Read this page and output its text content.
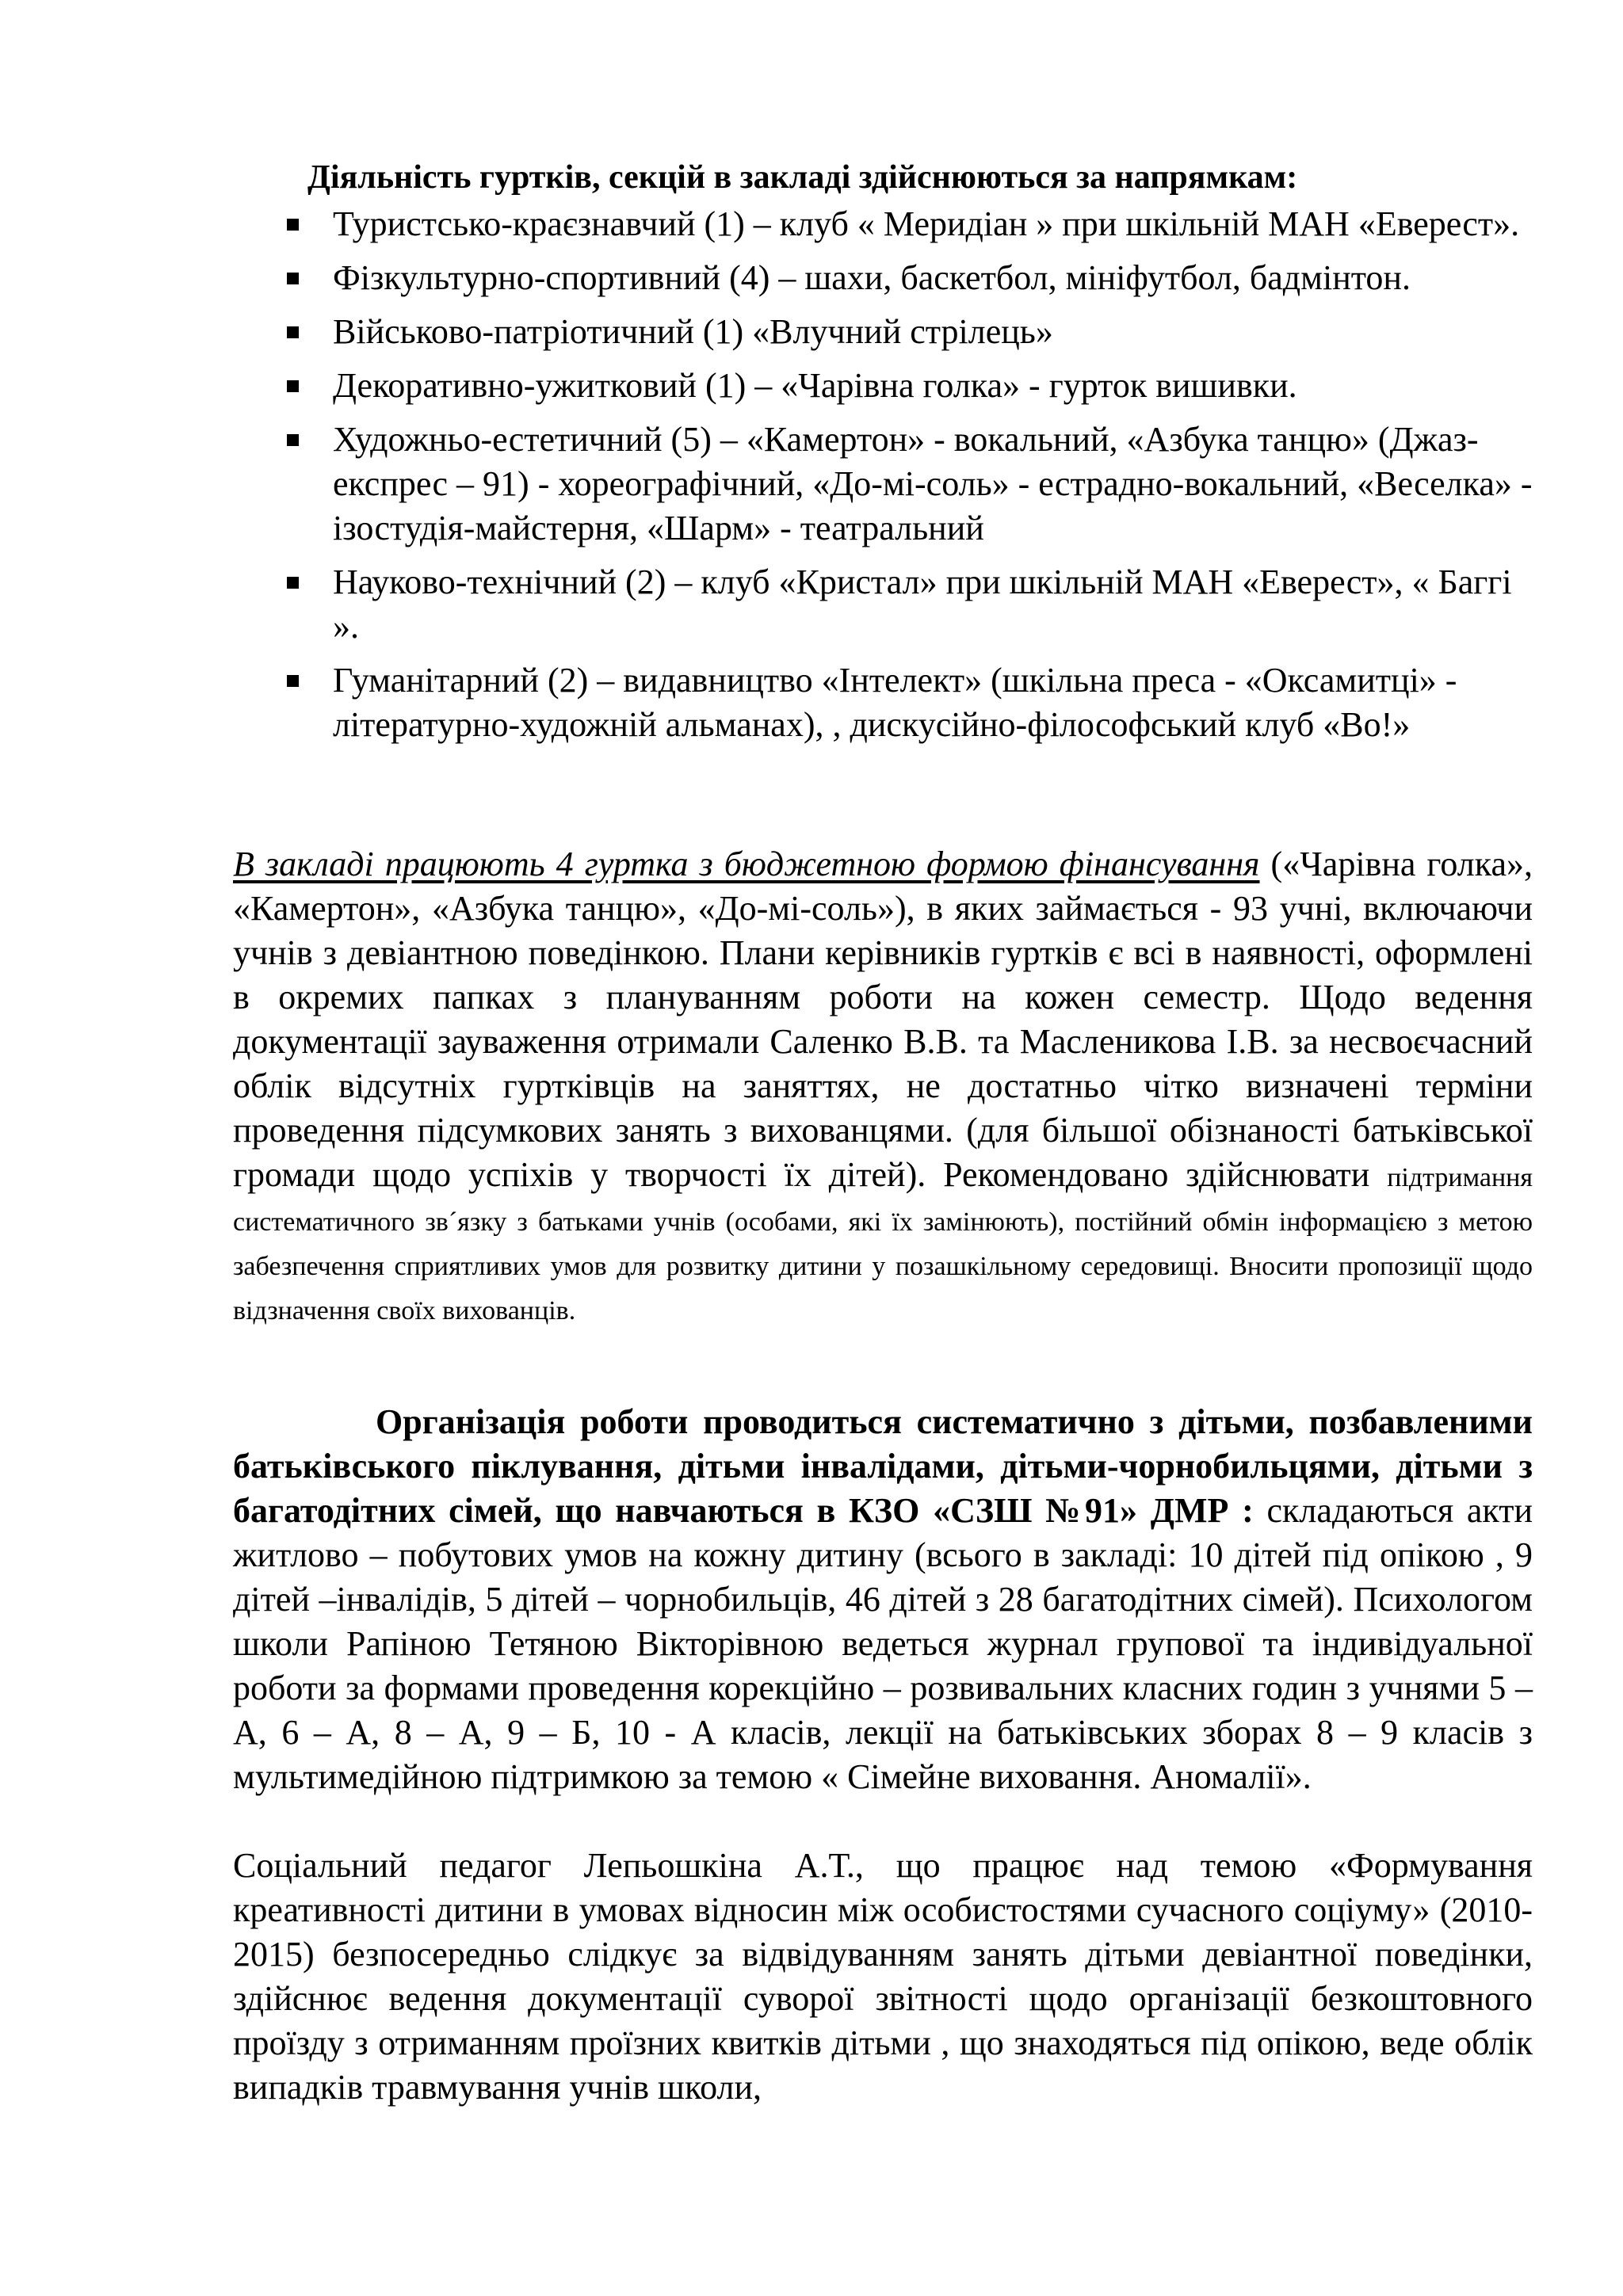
Діяльність гуртків, секцій в закладі здійснюються за напрямкам:
Туристсько-краєзнавчий (1) – клуб « Меридіан » при шкільній МАН «Еверест».
Фізкультурно-спортивний (4) – шахи, баскетбол, мініфутбол, бадмінтон.
Військово-патріотичний (1) «Влучний стрілець»
Декоративно-ужитковий (1) – «Чарівна голка» - гурток вишивки.
Художньо-естетичний (5) – «Камертон» - вокальний, «Азбука танцю» (Джаз-експрес – 91) - хореографічний, «До-мі-соль» - естрадно-вокальний, «Веселка» - ізостудія-майстерня, «Шарм» - театральний
Науково-технічний (2) – клуб «Кристал» при шкільній МАН «Еверест», « Баггі ».
Гуманітарний (2) – видавництво «Інтелект» (шкільна преса - «Оксамитці» - літературно-художній альманах), , дискусійно-філософський клуб «Во!»

В закладі працюють 4 гуртка з бюджетною формою фінансування («Чарівна голка», «Камертон», «Азбука танцю», «До-мі-соль»), в яких займається - 93 учні, включаючи учнів з девіантною поведінкою. Плани керівників гуртків є всі в наявності, оформлені в окремих папках з плануванням роботи на кожен семестр. Щодо ведення документації зауваження отримали Саленко В.В. та Масленикова І.В. за несвоєчасний облік відсутніх гуртківців на заняттях, не достатньо чітко визначені терміни проведення підсумкових занять з вихованцями. (для більшої обізнаності батьківської громади щодо успіхів у творчості їх дітей). Рекомендовано здійснювати підтримання систематичного зв´язку з батьками учнів (особами, які їх замінюють), постійний обмін інформацією з метою забезпечення сприятливих умов для розвитку дитини у позашкільному середовищі. Вносити пропозиції щодо відзначення своїх вихованців.

Організація роботи проводиться систематично з дітьми, позбавленими батьківського піклування, дітьми інвалідами, дітьми-чорнобильцями, дітьми з багатодітних сімей, що навчаються в КЗО «СЗШ №91» ДМР : складаються акти житлово – побутових умов на кожну дитину (всього в закладі: 10 дітей під опікою , 9 дітей –інвалідів, 5 дітей – чорнобильців, 46 дітей з 28 багатодітних сімей). Психологом школи Рапіною Тетяною Вікторівною ведеться журнал групової та індивідуальної роботи за формами проведення корекційно – розвивальних класних годин з учнями 5 – А, 6 – А, 8 – А, 9 – Б, 10 - А класів, лекції на батьківських зборах 8 – 9 класів з мультимедійною підтримкою за темою « Сімейне виховання. Аномалії».

Соціальний педагог Лепьошкіна А.Т., що працює над темою «Формування креативності дитини в умовах відносин між особистостями сучасного соціуму» (2010-2015) безпосередньо слідкує за відвідуванням занять дітьми девіантної поведінки, здійснює ведення документації суворої звітності щодо організації безкоштовного проїзду з отриманням проїзних квитків дітьми , що знаходяться під опікою, веде облік випадків травмування учнів школи,
